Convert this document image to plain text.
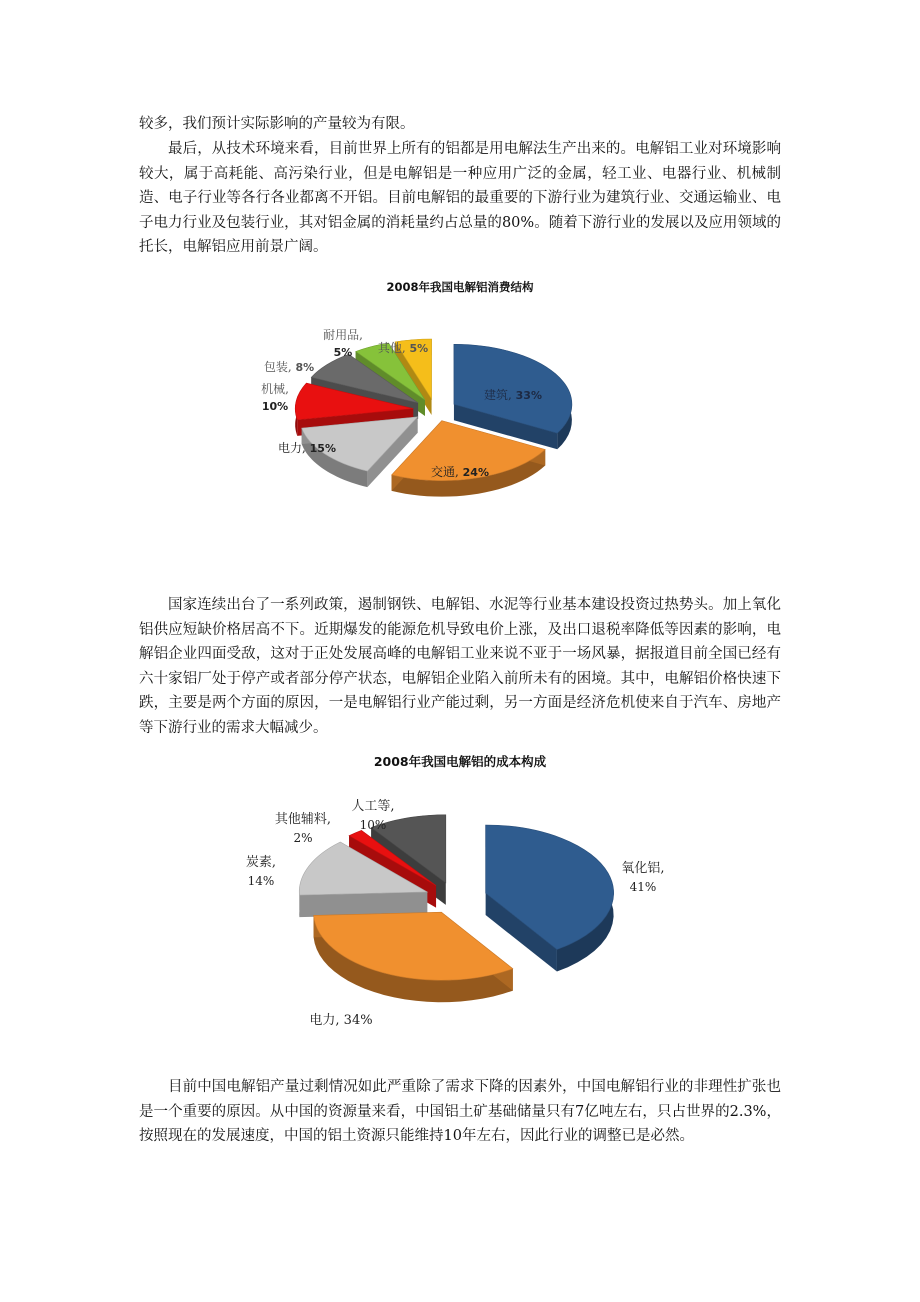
较多，我们预计实际影响的产量较为有限。

最后，从技术环境来看，目前世界上所有的铝都是用电解法生产出来的。电解铝工业对环境影响较大，属于高耗能、高污染行业，但是电解铝是一种应用广泛的金属，轻工业、电器行业、机械制造、电子行业等各行各业都离不开铝。目前电解铝的最重要的下游行业为建筑行业、交通运输业、电子电力行业及包装行业，其对铝金属的消耗量约占总量的80%。随着下游行业的发展以及应用领域的托长，电解铝应用前景广阔。

2008年我国电解铝消费结构
建筑, 33%
交通, 24%
电力, 15%
机械,
10%
包装, 8%
耐用品,
5% 其他, 5%

国家连续出台了一系列政策，遏制钢铁、电解铝、水泥等行业基本建设投资过热势头。加上氧化铝供应短缺价格居高不下。近期爆发的能源危机导致电价上涨，及出口退税率降低等因素的影响，电解铝企业四面受敌，这对于正处发展高峰的电解铝工业来说不亚于一场风暴，据报道目前全国已经有六十家铝厂处于停产或者部分停产状态，电解铝企业陷入前所未有的困境。其中，电解铝价格快速下跌，主要是两个方面的原因，一是电解铝行业产能过剩，另一方面是经济危机使来自于汽车、房地产等下游行业的需求大幅减少。

2008年我国电解铝的成本构成
氧化铝,
41%
电力, 34%
炭素,
14%
其他辅料,
2%
人工等,
10%

目前中国电解铝产量过剩情况如此严重除了需求下降的因素外，中国电解铝行业的非理性扩张也是一个重要的原因。从中国的资源量来看，中国铝土矿基础储量只有7亿吨左右，只占世界的2.3%，按照现在的发展速度，中国的铝土资源只能维持10年左右，因此行业的调整已是必然。
